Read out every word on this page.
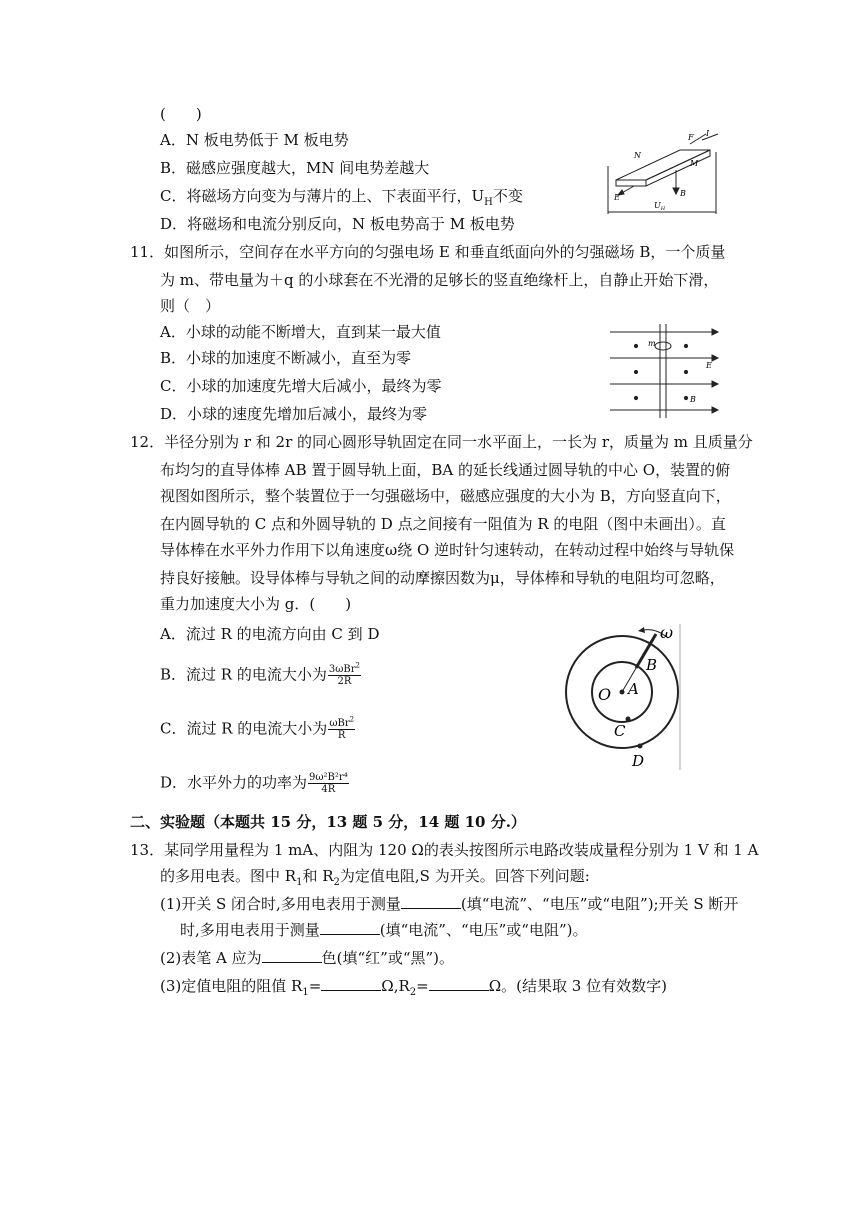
(　　)
A．N 板电势低于 M 板电势
B．磁感应强度越大，MN 间电势差越大
C．将磁场方向变为与薄片的上、下表面平行，$U_H$不变
D．将磁场和电流分别反向，N 板电势高于 M 板电势
N
M
F I
E	B
$U_H$
11．如图所示，空间存在水平方向的匀强电场 E 和垂直纸面向外的匀强磁场 B，一个质量
为 m、带电量为＋q 的小球套在不光滑的足够长的竖直绝缘杆上，自静止开始下滑，
则（　）
A．小球的动能不断增大，直到某一最大值
B．小球的加速度不断减小，直至为零
C．小球的加速度先增大后减小，最终为零
D．小球的速度先增加后减小，最终为零
m
E
B
12．半径分别为 r 和 2r 的同心圆形导轨固定在同一水平面上，一长为 r，质量为 m 且质量分
布均匀的直导体棒 AB 置于圆导轨上面，BA 的延长线通过圆导轨的中心 O，装置的俯
视图如图所示，整个装置位于一匀强磁场中，磁感应强度的大小为 B，方向竖直向下，
在内圆导轨的 C 点和外圆导轨的 D 点之间接有一阻值为 R 的电阻（图中未画出）。直
导体棒在水平外力作用下以角速度ω绕 O 逆时针匀速转动，在转动过程中始终与导轨保
持良好接触。设导体棒与导轨之间的动摩擦因数为μ，导体棒和导轨的电阻均可忽略，
重力加速度大小为 g．(　　)
A．流过 R 的电流方向由 C 到 D
B．流过 R 的电流大小为 $\frac{3\omega Br^2}{2R}$
C．流过 R 的电流大小为 $\frac{\omega Br^2}{R}$
D．水平外力的功率为 $\frac{\text{9ω²B²r⁴}}{4R}$
ω
O A
B
C
D
二、实验题（本题共 15 分，13 题 5 分，14 题 10 分.）
13．某同学用量程为 1 mA、内阻为 120 Ω的表头按图所示电路改装成量程分别为 1 V 和 1 A
的多用电表。图中 $R_1$和 $R_2$为定值电阻,S 为开关。回答下列问题:
(1)开关 S 闭合时,多用电表用于测量	(填“电流”、“电压”或“电阻”);开关 S 断开
时,多用电表用于测量	(填“电流”、“电压”或“电阻”)。
(2)表笔 A 应为	色(填“红”或“黑”)。
(3)定值电阻的阻值 $R_1=$	$\Omega,R_2=$	Ω。(结果取 3 位有效数字)
